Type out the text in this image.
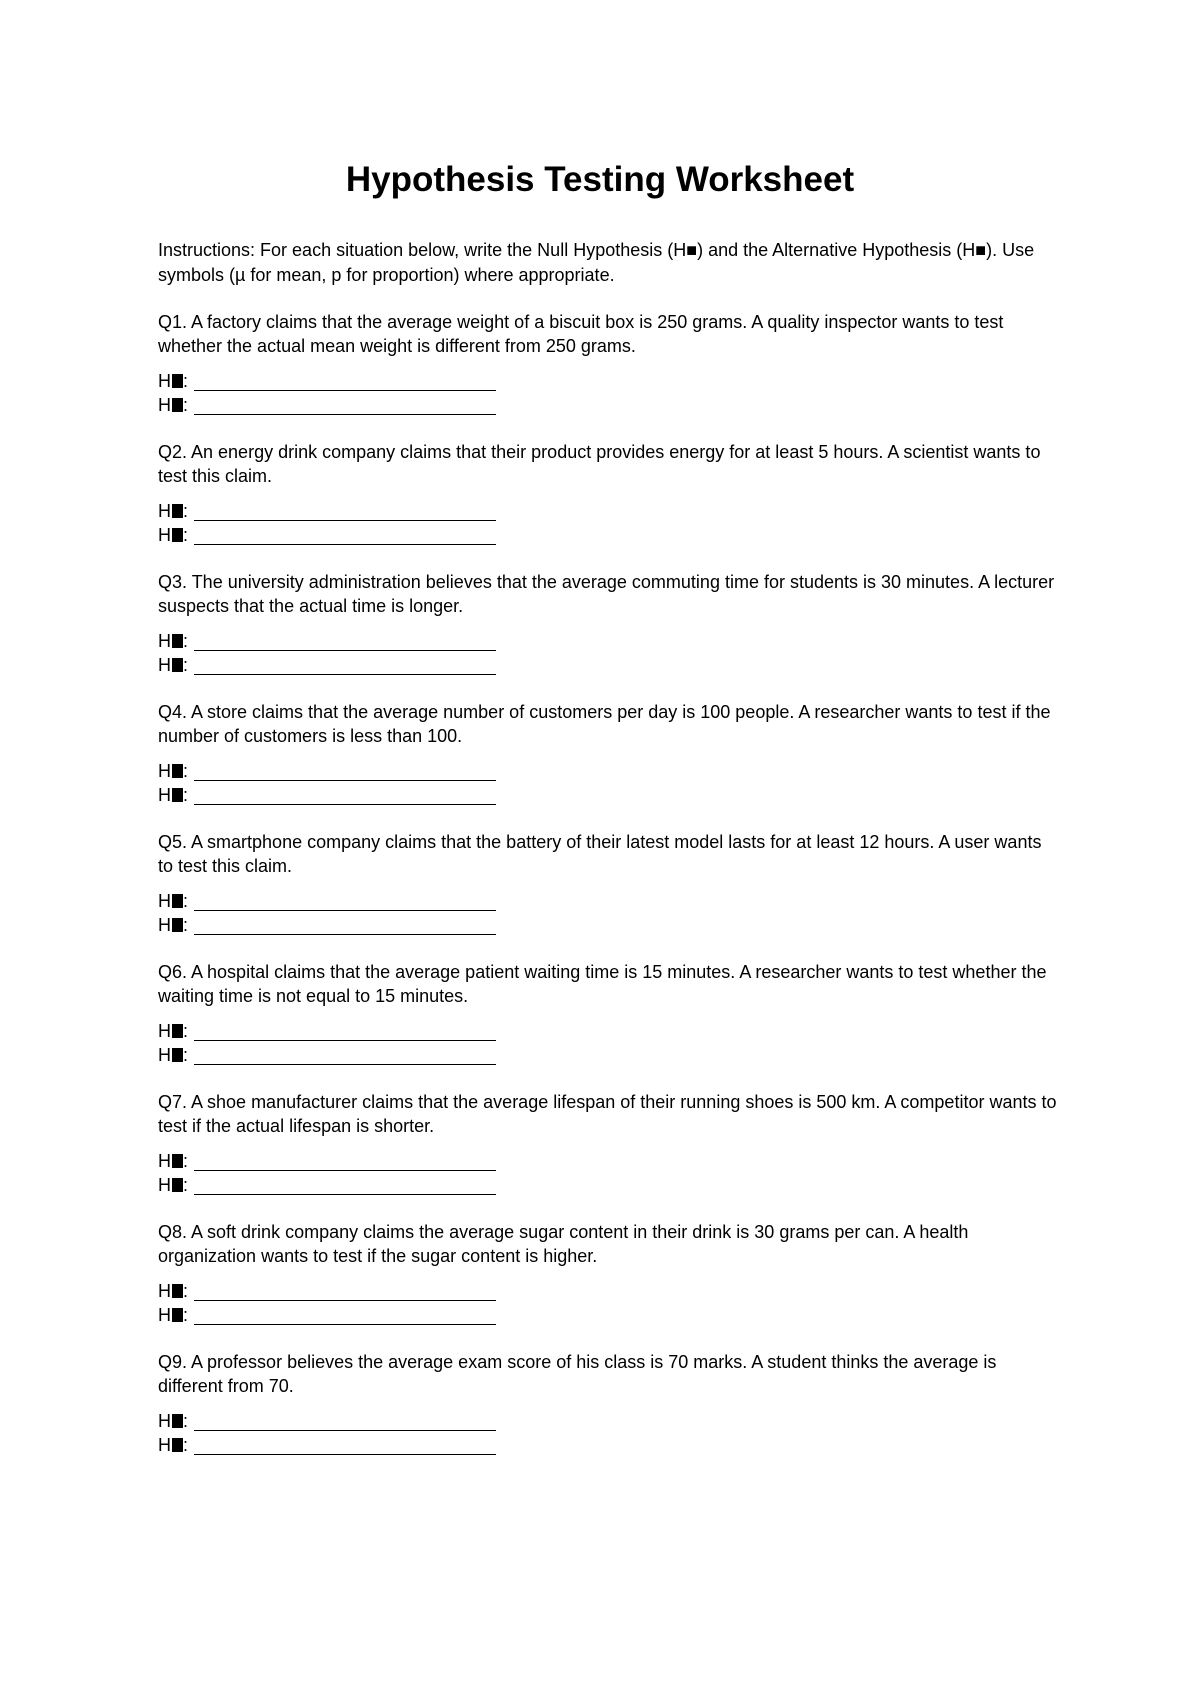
Hypothesis Testing Worksheet

Instructions: For each situation below, write the Null Hypothesis (H■) and the Alternative Hypothesis (H■). Use symbols (µ for mean, p for proportion) where appropriate.

Q1. A factory claims that the average weight of a biscuit box is 250 grams. A quality inspector wants to test whether the actual mean weight is different from 250 grams.

H :
H :

Q2. An energy drink company claims that their product provides energy for at least 5 hours. A scientist wants to test this claim.

H :
H :

Q3. The university administration believes that the average commuting time for students is 30 minutes. A lecturer suspects that the actual time is longer.

H :
H :

Q4. A store claims that the average number of customers per day is 100 people. A researcher wants to test if the number of customers is less than 100.

H :
H :

Q5. A smartphone company claims that the battery of their latest model lasts for at least 12 hours. A user wants to test this claim.

H :
H :

Q6. A hospital claims that the average patient waiting time is 15 minutes. A researcher wants to test whether the waiting time is not equal to 15 minutes.

H :
H :

Q7. A shoe manufacturer claims that the average lifespan of their running shoes is 500 km. A competitor wants to test if the actual lifespan is shorter.

H :
H :

Q8. A soft drink company claims the average sugar content in their drink is 30 grams per can. A health organization wants to test if the sugar content is higher.

H :
H :

Q9. A professor believes the average exam score of his class is 70 marks. A student thinks the average is different from 70.

H :
H :
